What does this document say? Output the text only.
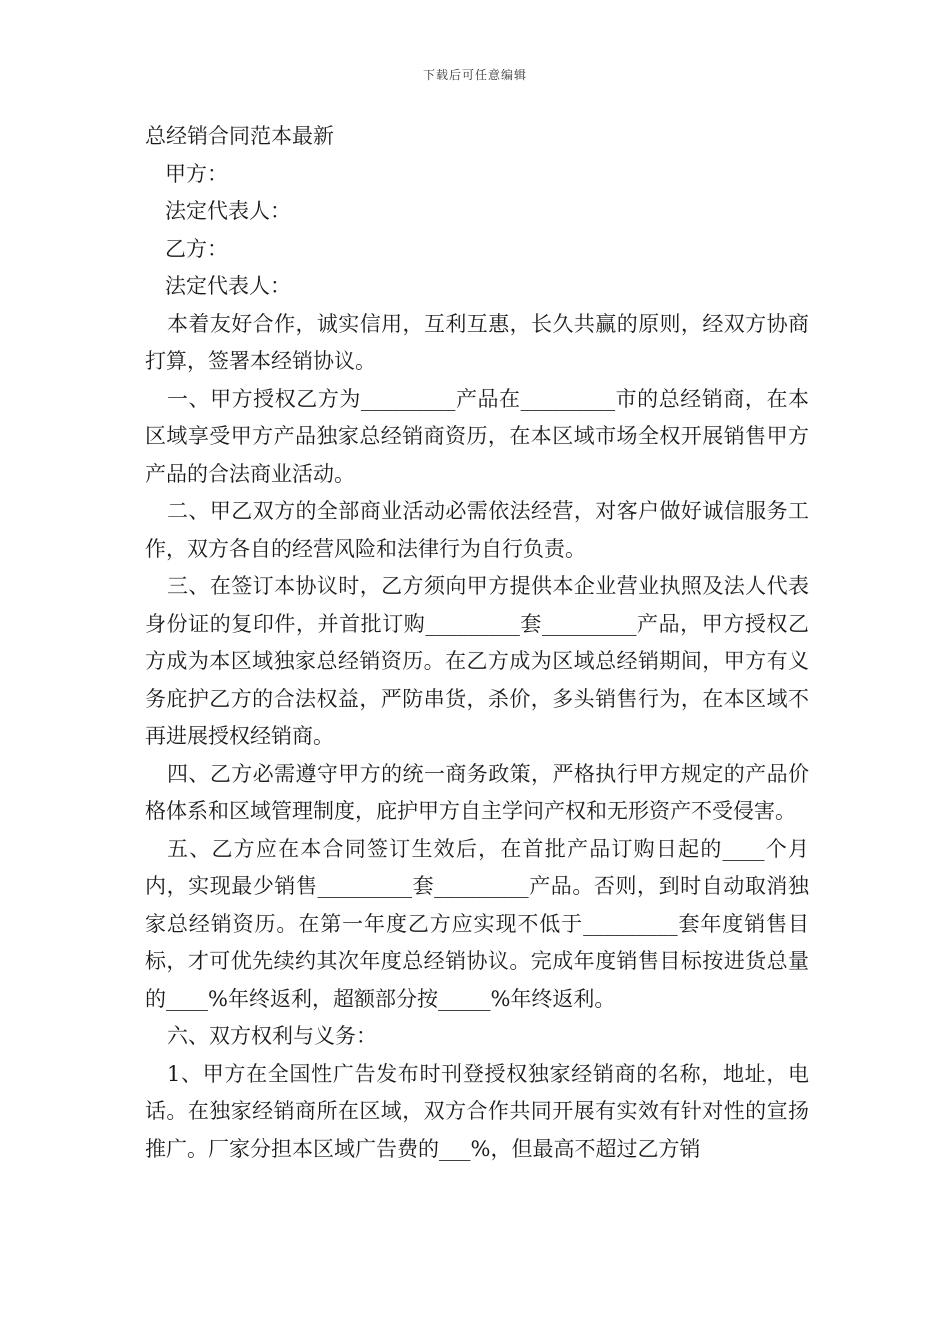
下载后可任意编辑

总经销合同范本最新

甲方：

法定代表人：

乙方：

法定代表人：

本着友好合作，诚实信用，互利互惠，长久共赢的原则，经双方协商打算，签署本经销协议。

一、甲方授权乙方为_________产品在_________市的总经销商，在本区域享受甲方产品独家总经销商资历，在本区域市场全权开展销售甲方产品的合法商业活动。

二、甲乙双方的全部商业活动必需依法经营，对客户做好诚信服务工作，双方各自的经营风险和法律行为自行负责。

三、在签订本协议时，乙方须向甲方提供本企业营业执照及法人代表身份证的复印件，并首批订购_________套_________产品，甲方授权乙方成为本区域独家总经销资历。在乙方成为区域总经销期间，甲方有义务庇护乙方的合法权益，严防串货，杀价，多头销售行为，在本区域不再进展授权经销商。

四、乙方必需遵守甲方的统一商务政策，严格执行甲方规定的产品价格体系和区域管理制度，庇护甲方自主学问产权和无形资产不受侵害。

五、乙方应在本合同签订生效后，在首批产品订购日起的____个月内，实现最少销售_________套_________产品。否则，到时自动取消独家总经销资历。在第一年度乙方应实现不低于_________套年度销售目标，才可优先续约其次年度总经销协议。完成年度销售目标按进货总量的____%年终返利，超额部分按_____%年终返利。

六、双方权利与义务：

1、甲方在全国性广告发布时刊登授权独家经销商的名称，地址，电话。在独家经销商所在区域，双方合作共同开展有实效有针对性的宣扬推广。厂家分担本区域广告费的___%，但最高不超过乙方销
